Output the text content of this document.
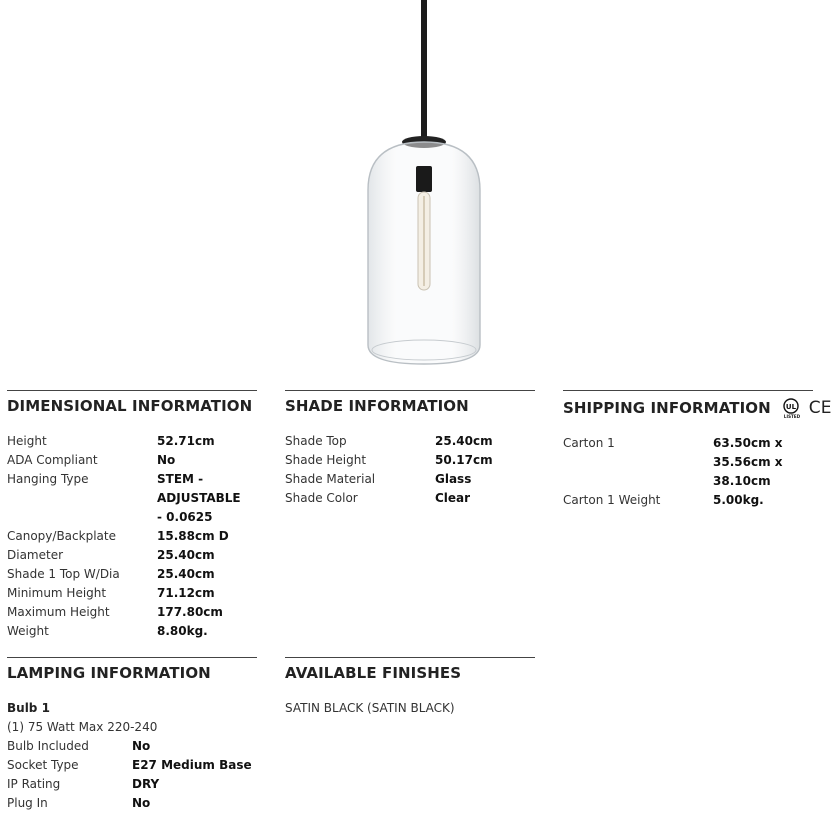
DIMENSIONAL INFORMATION
Height	52.71cm
ADA Compliant	No
Hanging Type	STEM - ADJUSTABLE - 0.0625
Canopy/Backplate	15.88cm D
Diameter	25.40cm
Shade 1 Top W/Dia	25.40cm
Minimum Height	71.12cm
Maximum Height	177.80cm
Weight	8.80kg.
SHADE INFORMATION
Shade Top	25.40cm
Shade Height	50.17cm
Shade Material	Glass
Shade Color	Clear
SHIPPING INFORMATION UL
LISTED CE
Carton 1	63.50cm x 35.56cm x 38.10cm
Carton 1 Weight	5.00kg.
LAMPING INFORMATION
Bulb 1
(1) 75 Watt Max 220-240
Bulb Included	No
Socket Type	E27 Medium Base
IP Rating	DRY
Plug In	No
AVAILABLE FINISHES
SATIN BLACK (SATIN BLACK)
